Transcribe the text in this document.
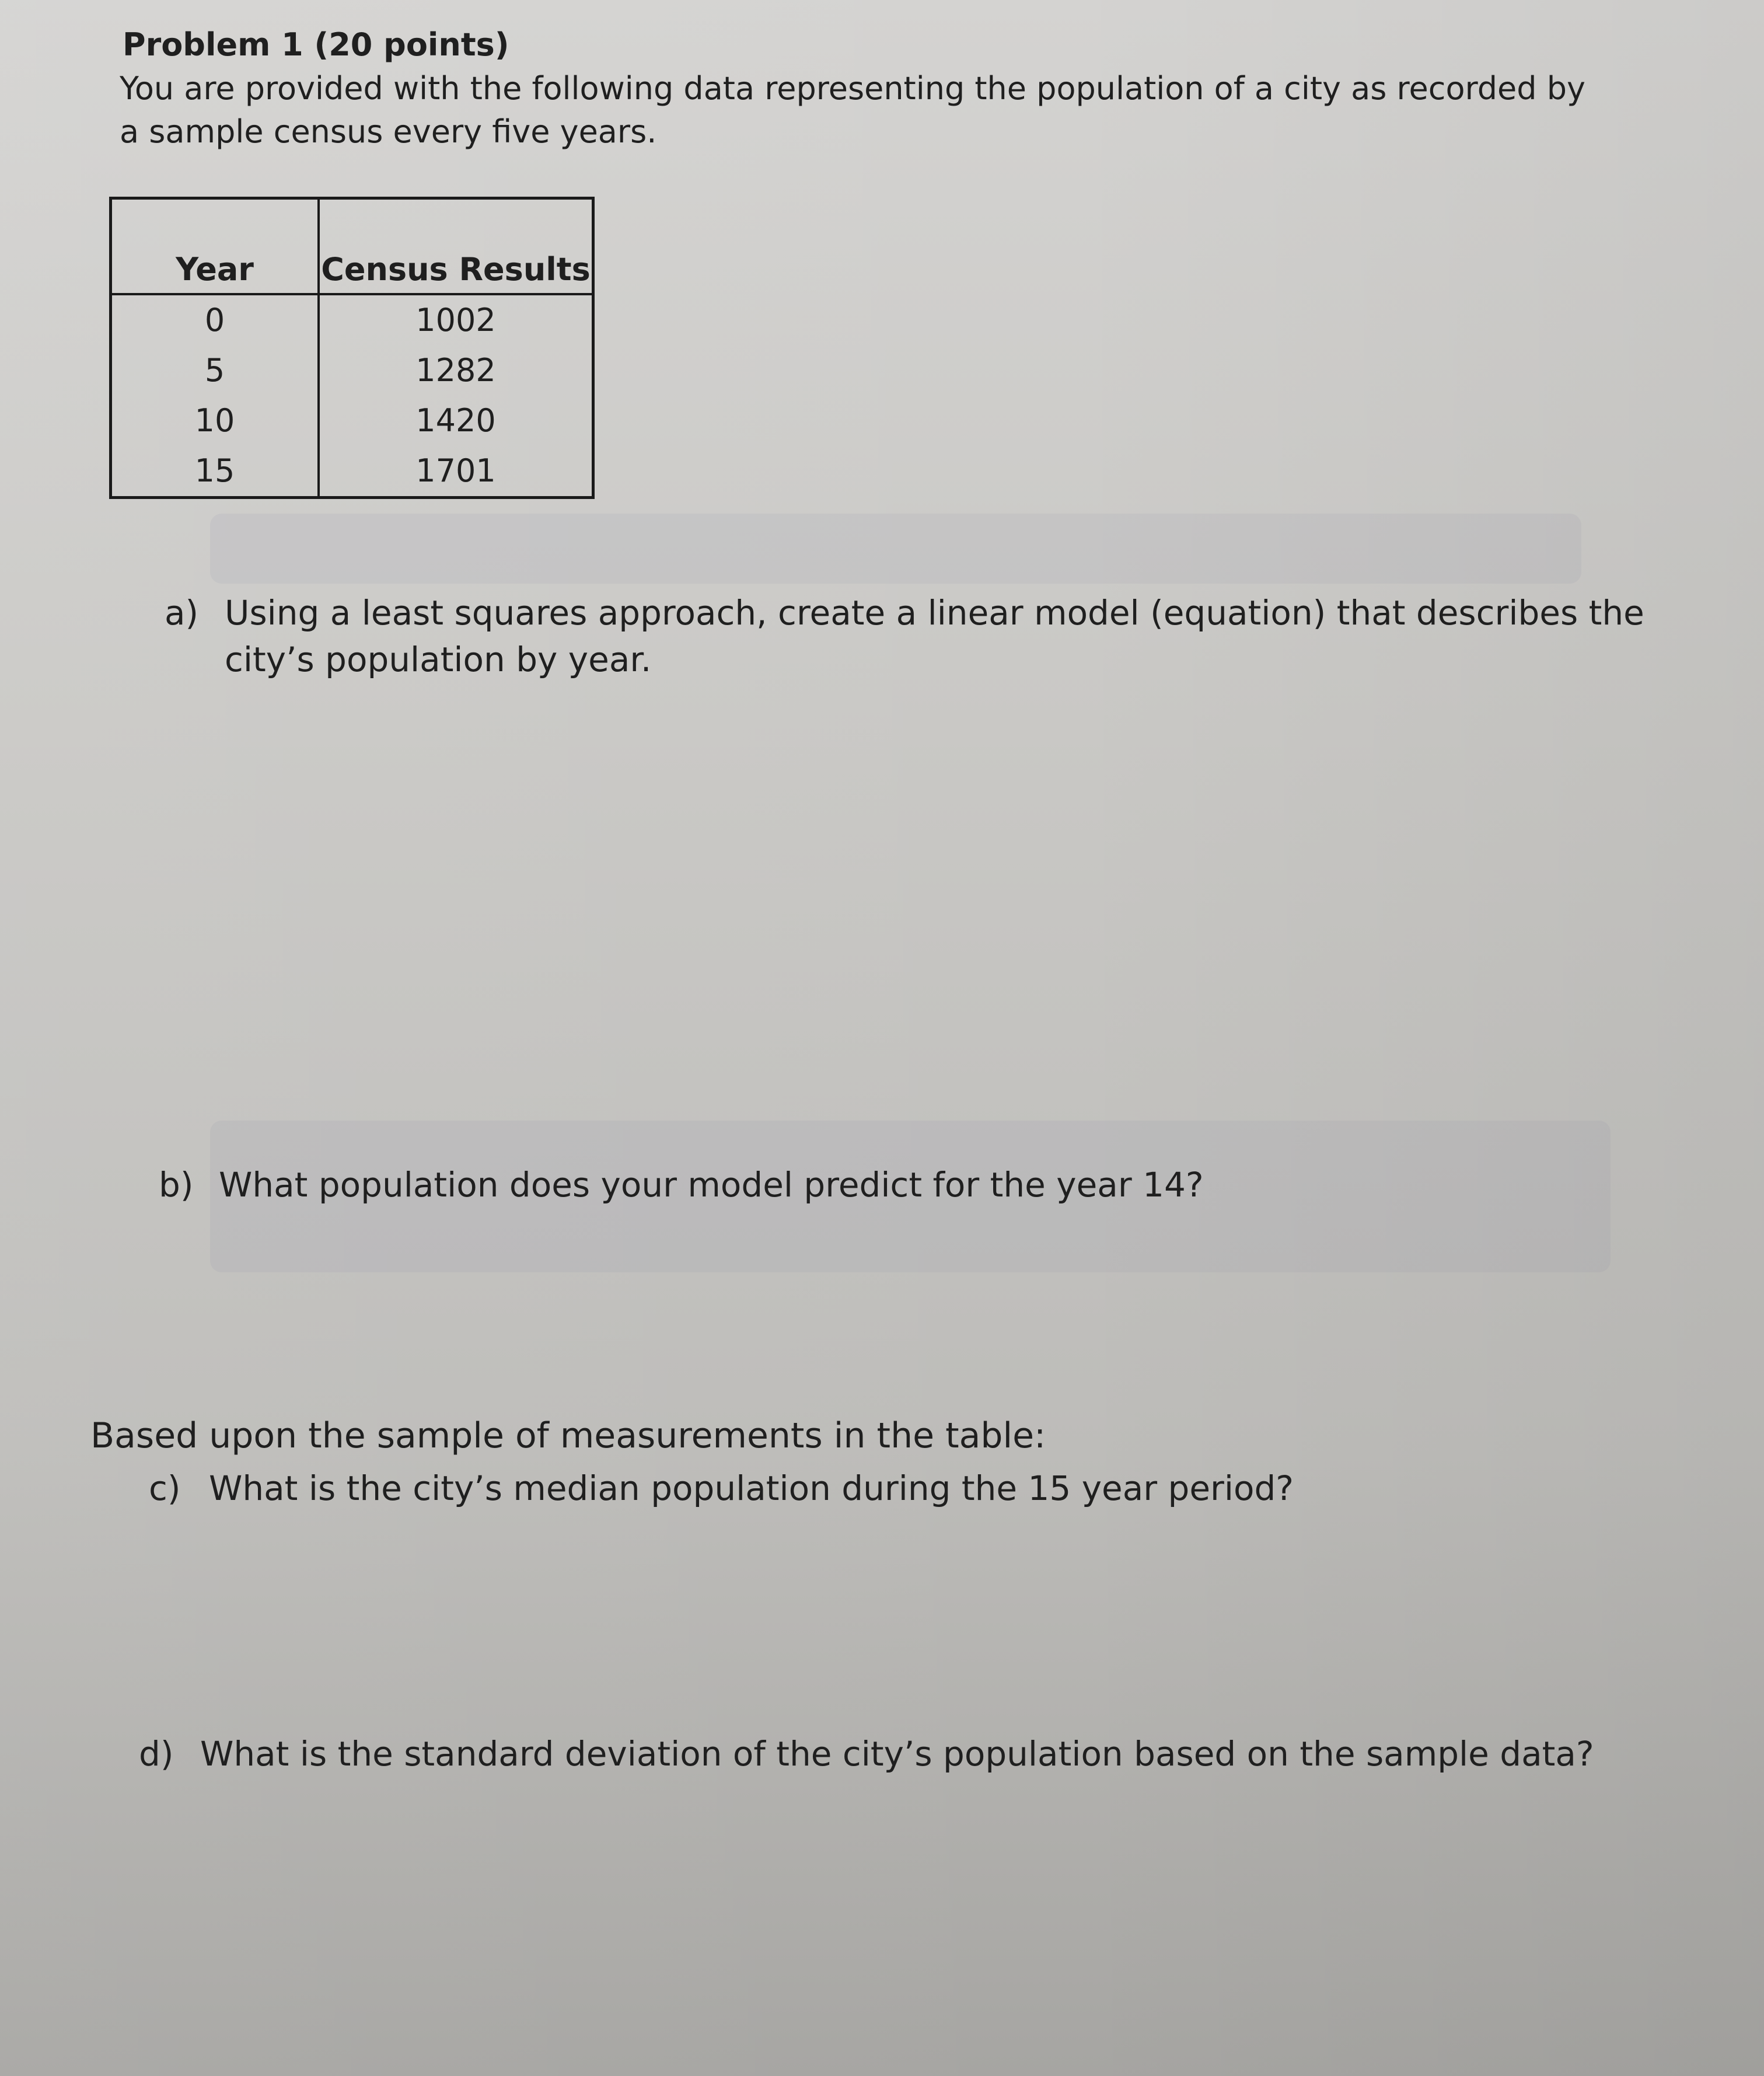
Problem 1 (20 points)
You are provided with the following data representing the population of a city as recorded by a sample census every five years.
Year	Census Results
0	1002
5	1282
10	1420
15	1701
a) Using a least squares approach, create a linear model (equation) that describes the city’s population by year.
b) What population does your model predict for the year 14?
Based upon the sample of measurements in the table:
c) What is the city’s median population during the 15 year period?
d) What is the standard deviation of the city’s population based on the sample data?
